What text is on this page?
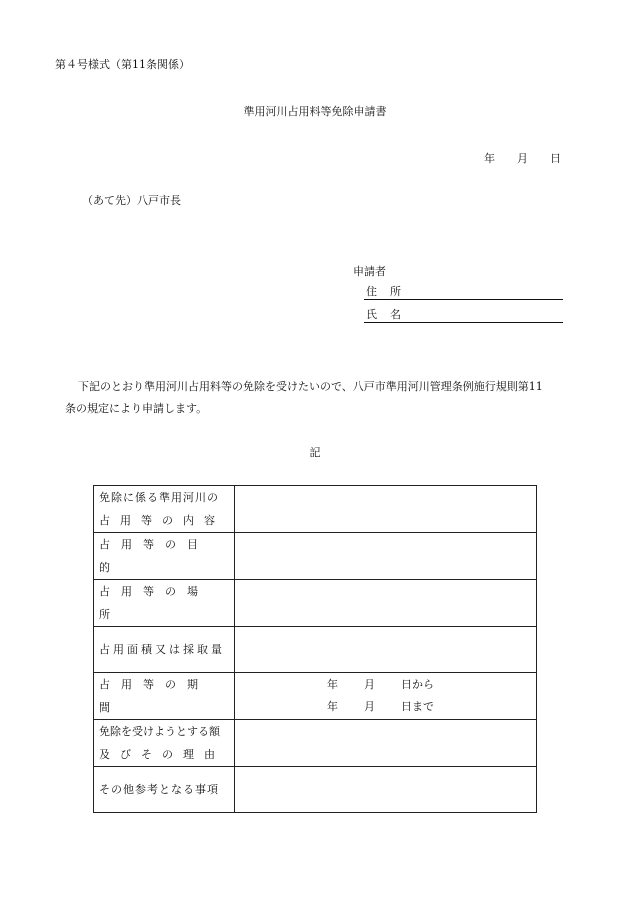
第４号様式（第11条関係）
準用河川占用料等免除申請書
年 月 日
（あて先）八戸市長
申請者
住所
氏名
下記のとおり準用河川占用料等の免除を受けたいので、八戸市準用河川管理条例施行規則第11
条の規定により申請します。
記
免除に係る準用河川の
占用等の内容	

占用等の目的	

占用等の場所	

占用面積又は採取量	

占用等の期間	年 月 日から
年 月 日まで

免除を受けようとする額
及びその理由	

その他参考となる事項	
